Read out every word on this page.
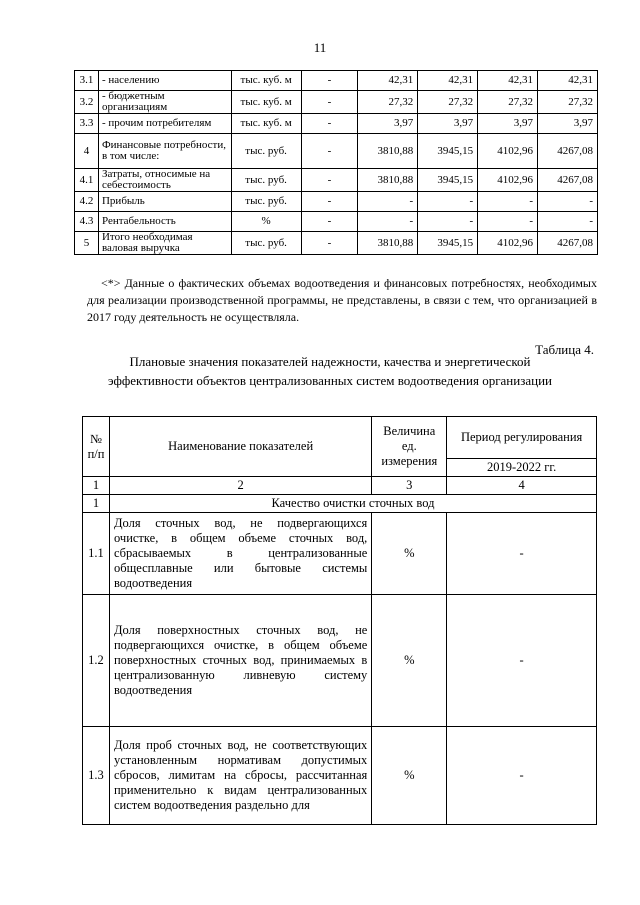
11
3.1	- населению	тыс. куб. м	-	42,31	42,31	42,31	42,31
3.2	- бюджетным организациям	тыс. куб. м	-	27,32	27,32	27,32	27,32
3.3	- прочим потребителям	тыс. куб. м	-	3,97	3,97	3,97	3,97
4	Финансовые потребности, в том числе:	тыс. руб.	-	3810,88	3945,15	4102,96	4267,08
4.1	Затраты, относимые на себестоимость	тыс. руб.	-	3810,88	3945,15	4102,96	4267,08
4.2	Прибыль	тыс. руб.	-	-	-	-	-
4.3	Рентабельность	%	-	-	-	-	-
5	Итого необходимая валовая выручка	тыс. руб.	-	3810,88	3945,15	4102,96	4267,08
<*> Данные о фактических объемах водоотведения и финансовых потребностях, необходимых для реализации производственной программы, не представлены, в связи с тем, что организацией в 2017 году деятельность не осуществляла.
Таблица 4.
Плановые значения показателей надежности, качества и энергетической
эффективности объектов централизованных систем водоотведения организации
№ п/п	Наименование показателей	Величина ед. измерения	Период регулирования
			2019-2022 гг.
1	2	3	4
1	Качество очистки сточных вод		
1.1	Доля сточных вод, не подвергающихся очистке, в общем объеме сточных вод, сбрасываемых в централизованные общесплавные или бытовые системы водоотведения	%	-
1.2	Доля поверхностных сточных вод, не подвергающихся очистке, в общем объеме поверхностных сточных вод, принимаемых в централизованную ливневую систему водоотведения	%	-
1.3	Доля проб сточных вод, не соответствующих установленным нормативам допустимых сбросов, лимитам на сбросы, рассчитанная применительно к видам централизованных систем водоотведения раздельно для	%	-
